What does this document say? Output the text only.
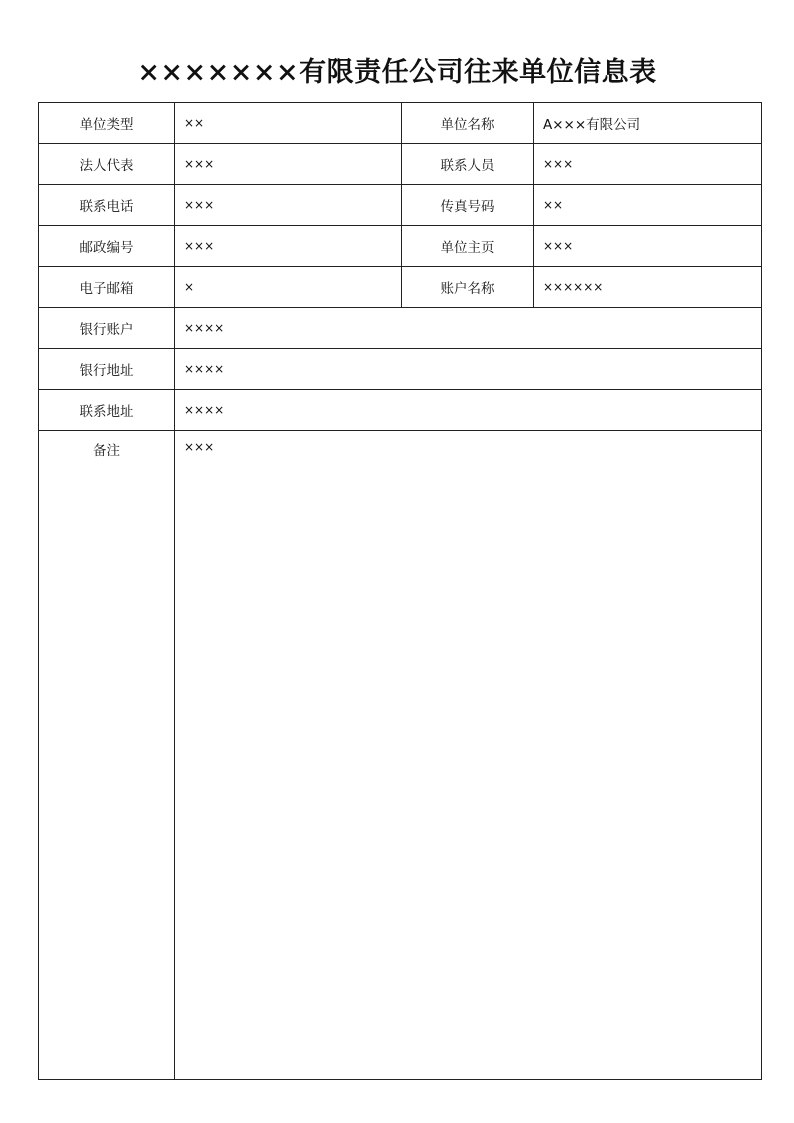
×××××××有限责任公司往来单位信息表
单位类型	××	单位名称	A×××有限公司
法人代表	×××	联系人员	×××
联系电话	×××	传真号码	××
邮政编号	×××	单位主页	×××
电子邮箱	×	账户名称	××××××
银行账户	××××		
银行地址	××××		
联系地址	××××		
备注	×××		
